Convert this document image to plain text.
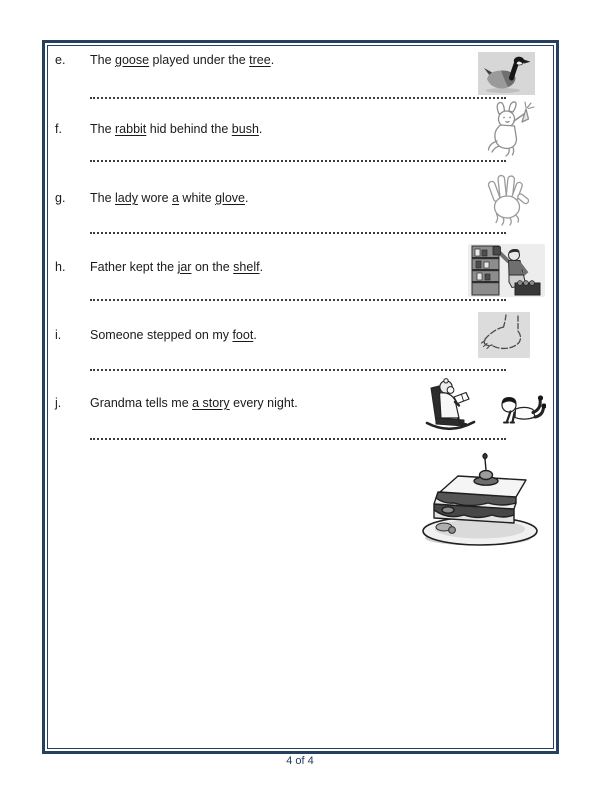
e. The goose played under the tree.
f. The rabbit hid behind the bush.
g. The lady wore a white glove.
h. Father kept the jar on the shelf.
i. Someone stepped on my foot.
j. Grandma tells me a story every night.
4 of 4
